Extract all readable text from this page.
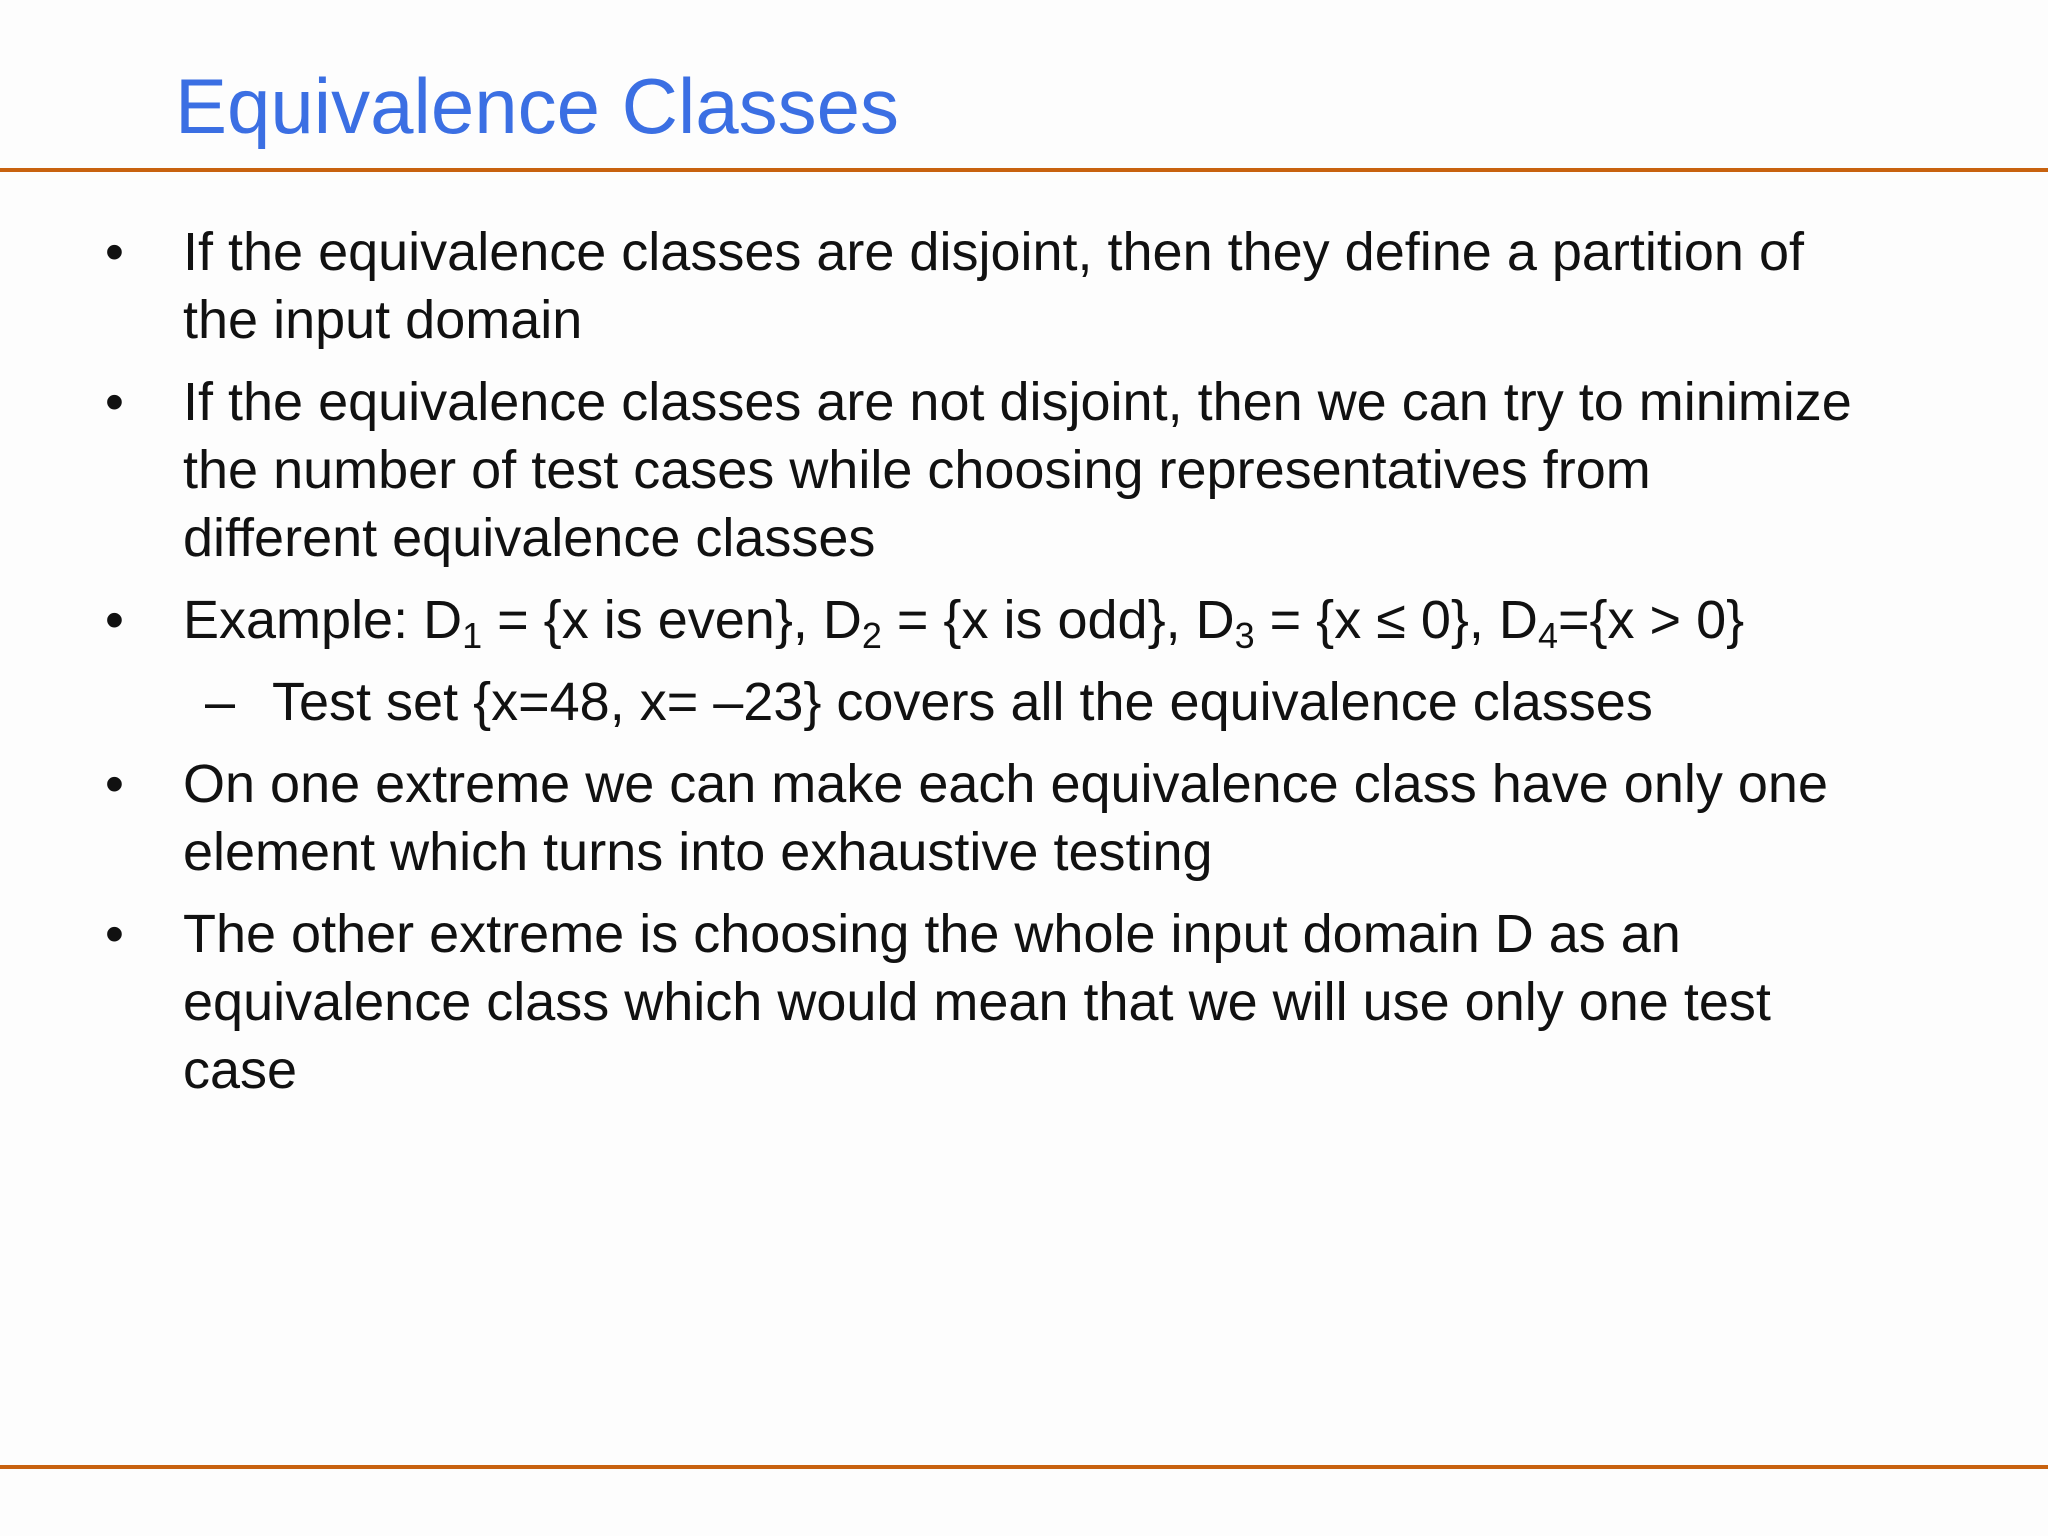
Equivalence Classes
• If the equivalence classes are disjoint, then they define a partition of
the input domain
• If the equivalence classes are not disjoint, then we can try to minimize
the number of test cases while choosing representatives from
different equivalence classes
• Example: $D_1 = \{x$ is even}, $D_2 = \{x$ is odd}, $D_3 = \{x \le 0\}$, $D_4=\{x > 0\}$
– Test set {x=48, x= –23} covers all the equivalence classes
• On one extreme we can make each equivalence class have only one
element which turns into exhaustive testing
• The other extreme is choosing the whole input domain D as an
equivalence class which would mean that we will use only one test
case
